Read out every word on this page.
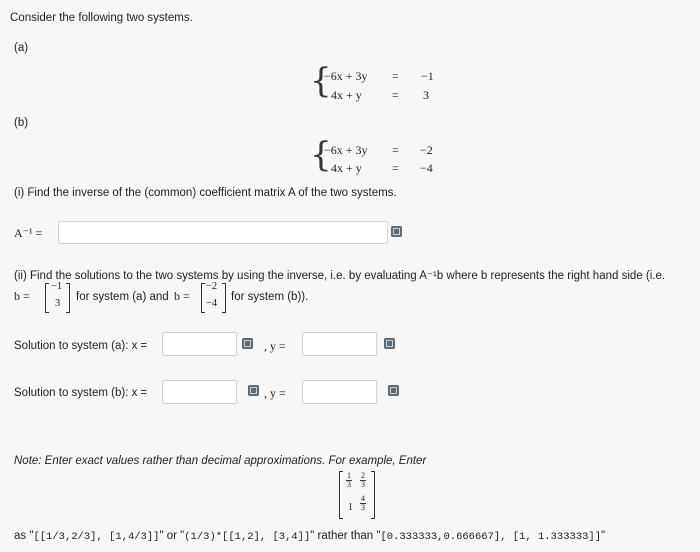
Consider the following two systems.
(a)
{
−6x + 3y = −1
4x + y	= 3
(b)
{
−6x + 3y = −2
4x + y	= −4
(i) Find the inverse of the (common) coefficient matrix A of the two systems.
A⁻¹ =
(ii) Find the solutions to the two systems by using the inverse, i.e. by evaluating A⁻¹b where b represents the right hand side (i.e.
b =
−1
3
for system (a) and b =
−2
−4
for system (b)).
Solution to system (a): x =	, y =
Solution to system (b): x =	, y =
Note: Enter exact values rather than decimal approximations. For example, Enter
$\frac{1}{3} \frac{2}{3}$
$1 \frac{4}{3}$
as "[[1/3,2/3], [1,4/3]]" or "(1/3)*[[1,2], [3,4]]" rather than "[0.333333,0.666667], [1, 1.333333]]"
